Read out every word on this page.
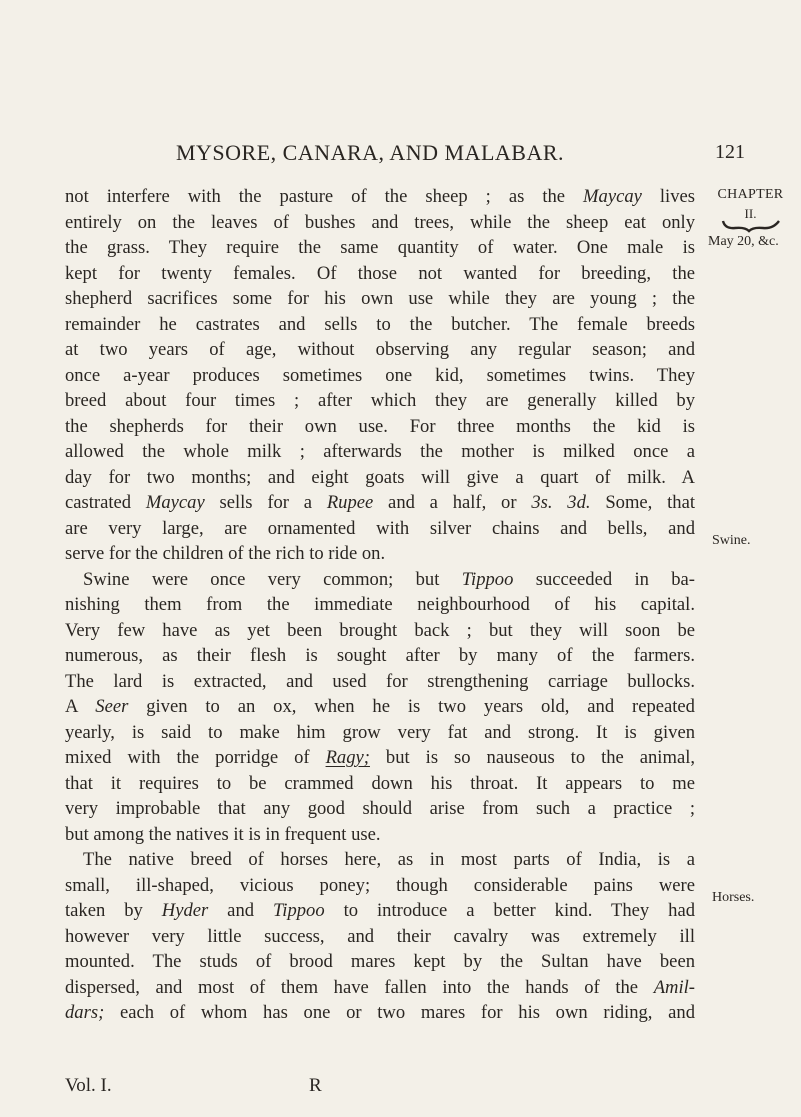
MYSORE, CANARA, AND MALABAR.	121
not interfere with the pasture of the sheep ; as the Maycay lives
entirely on the leaves of bushes and trees, while the sheep eat only
the grass. They require the same quantity of water. One male is
kept for twenty females. Of those not wanted for breeding, the
shepherd sacrifices some for his own use while they are young ; the
remainder he castrates and sells to the butcher. The female breeds
at two years of age, without observing any regular season; and
once a-year produces sometimes one kid, sometimes twins. They
breed about four times ; after which they are generally killed by
the shepherds for their own use. For three months the kid is
allowed the whole milk ; afterwards the mother is milked once a
day for two months; and eight goats will give a quart of milk. A
castrated Maycay sells for a Rupee and a half, or 3s. 3d. Some, that
are very large, are ornamented with silver chains and bells, and
serve for the children of the rich to ride on.
Swine were once very common; but Tippoo succeeded in ba-
nishing them from the immediate neighbourhood of his capital.
Very few have as yet been brought back ; but they will soon be
numerous, as their flesh is sought after by many of the farmers.
The lard is extracted, and used for strengthening carriage bullocks.
A Seer given to an ox, when he is two years old, and repeated
yearly, is said to make him grow very fat and strong. It is given
mixed with the porridge of Ragy; but is so nauseous to the animal,
that it requires to be crammed down his throat. It appears to me
very improbable that any good should arise from such a practice ;
but among the natives it is in frequent use.
The native breed of horses here, as in most parts of India, is a
small, ill-shaped, vicious poney; though considerable pains were
taken by Hyder and Tippoo to introduce a better kind. They had
however very little success, and their cavalry was extremely ill
mounted. The studs of brood mares kept by the Sultan have been
dispersed, and most of them have fallen into the hands of the Amil-
dars; each of whom has one or two mares for his own riding, and
CHAPTER
II.
May 20, &c.
Swine.
Horses.
Vol. I.	R
